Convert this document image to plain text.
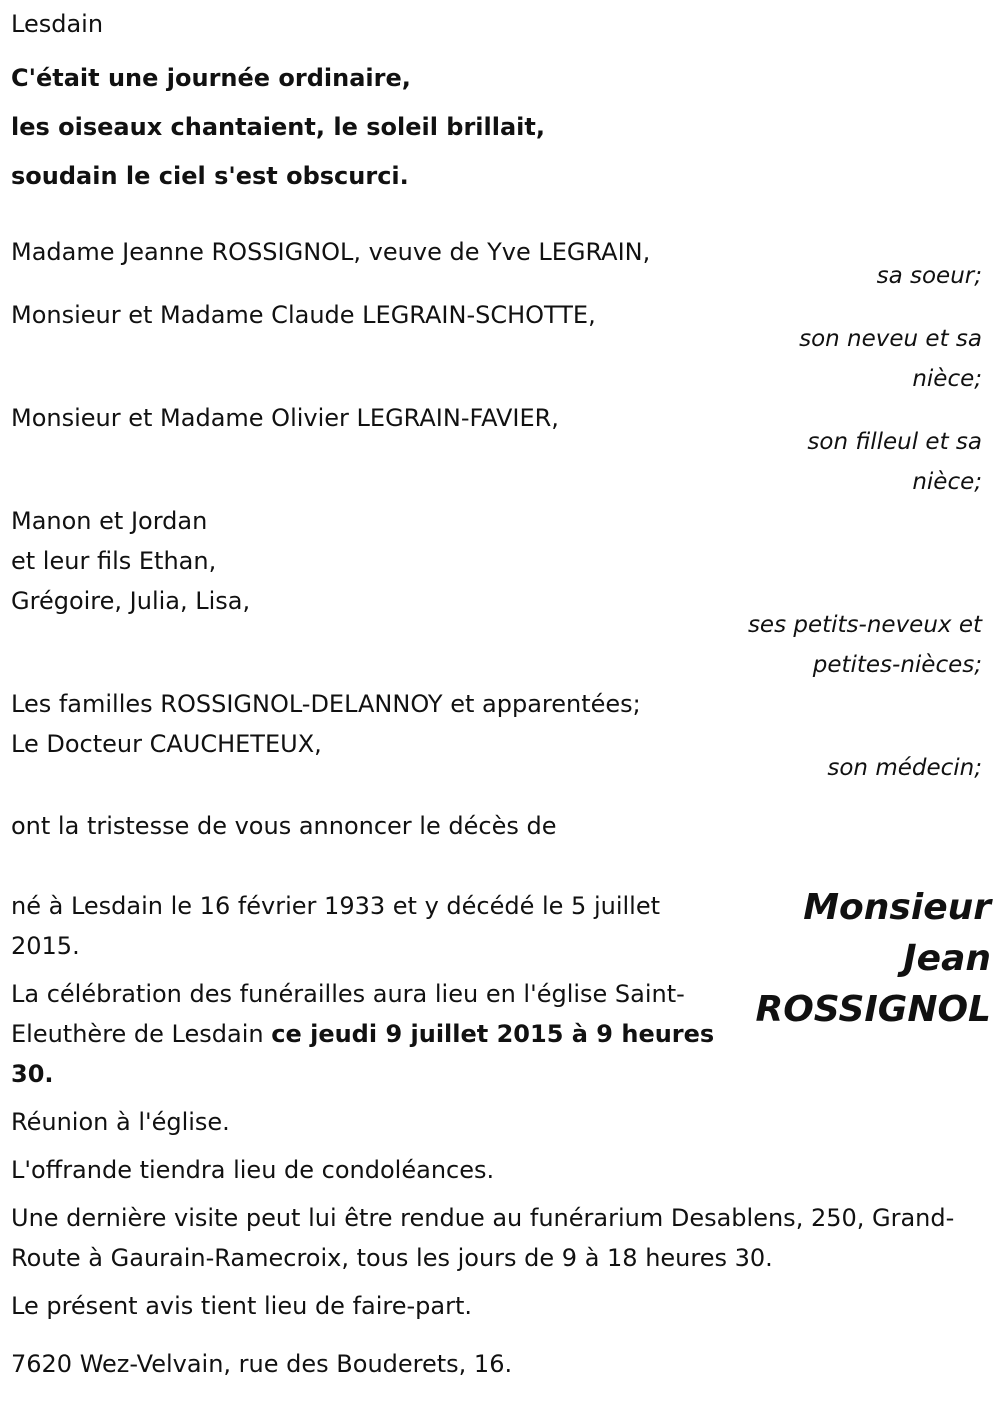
Lesdain
C'était une journée ordinaire,
les oiseaux chantaient, le soleil brillait,
soudain le ciel s'est obscurci.
Madame Jeanne ROSSIGNOL, veuve de Yve LEGRAIN,
sa soeur;
Monsieur et Madame Claude LEGRAIN-SCHOTTE,
son neveu et sa nièce;
Monsieur et Madame Olivier LEGRAIN-FAVIER,
son filleul et sa nièce;
Manon et Jordan
et leur fils Ethan,
Grégoire, Julia, Lisa,
ses petits-neveux et petites-nièces;
Les familles ROSSIGNOL-DELANNOY et apparentées;
Le Docteur CAUCHETEUX,
son médecin;
ont la tristesse de vous annoncer le décès de
né à Lesdain le 16 février 1933 et y décédé le 5 juillet 2015.
La célébration des funérailles aura lieu en l'église Saint-Eleuthère de Lesdain ce jeudi 9 juillet 2015 à 9 heures 30.
Réunion à l'église.
L'offrande tiendra lieu de condoléances.
Une dernière visite peut lui être rendue au funérarium Desablens, 250, Grand-Route à Gaurain-Ramecroix, tous les jours de 9 à 18 heures 30.
Le présent avis tient lieu de faire-part.
7620 Wez-Velvain, rue des Bouderets, 16.
Monsieur
Jean
ROSSIGNOL
